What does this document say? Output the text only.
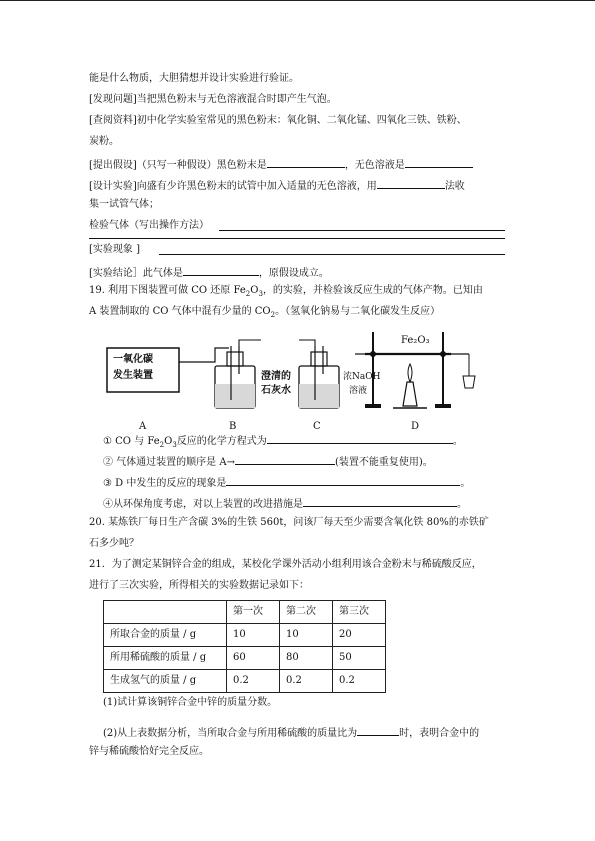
能是什么物质，大胆猜想并设计实验进行验证。
[发现问题]当把黑色粉末与无色溶液混合时即产生气泡。
[查阅资料]初中化学实验室常见的黑色粉末：氧化铜、二氧化锰、四氧化三铁、铁粉、
炭粉。
[提出假设]（只写一种假设）黑色粉末是	，无色溶液是
[设计实验]向盛有少许黑色粉末的试管中加入适量的无色溶液，用	法收
集一试管气体；
检验气体（写出操作方法）
[实验现象 ]
[实验结论］此气体是	，原假设成立。
19. 利用下图装置可做 CO 还原 $Fe_2O_3$，的实验，并检验该反应生成的气体产物。已知由
A 装置制取的 CO 气体中混有少量的 $CO_2$。（氢氧化钠易与二氧化碳发生反应）
一氧化碳
发生装置	澄清的
石灰水
浓NaOH
溶液
Fe₂O₃
A	B	C	D
① CO 与 $Fe_2O_3$反应的化学方程式为	。
② 气体通过装置的顺序是 A→	(装置不能重复使用)。
③ D 中发生的反应的现象是	。
④从环保角度考虑，对以上装置的改进措施是	。
20. 某炼铁厂每日生产含碳 3%的生铁 560t，问该厂每天至少需要含氧化铁 80%的赤铁矿
石多少吨？
21．为了测定某铜锌合金的组成，某校化学课外活动小组利用该合金粉末与稀硫酸反应，
进行了三次实验，所得相关的实验数据记录如下：
	第一次	第二次	第三次
所取合金的质量 / g	10	10	20
所用稀硫酸的质量 / g	60	80	50
生成氢气的质量 / g	0.2	0.2	0.2
(1)试计算该铜锌合金中锌的质量分数。
(2)从上表数据分析，当所取合金与所用稀硫酸的质量比为	时，表明合金中的
锌与稀硫酸恰好完全反应。
